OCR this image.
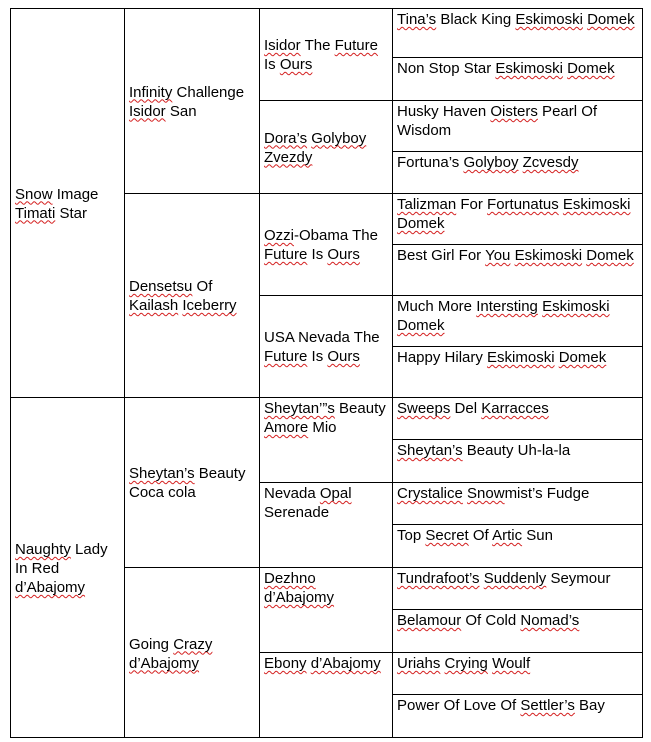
Snow Image Timati Star
Naughty Lady In Red d’Abajomy
Infinity Challenge Isidor San
Densetsu Of Kailash Iceberry
Sheytan’s Beauty Coca cola
Going Crazy d’Abajomy
Isidor The Future Is Ours
Dora’s Golyboy Zvezdy
Ozzi-Obama The Future Is Ours
USA Nevada The Future Is Ours
Sheytan’”s Beauty Amore Mio
Nevada Opal Serenade
Dezhno d’Abajomy
Ebony d’Abajomy
Tina’s Black King Eskimoski Domek
Non Stop Star Eskimoski Domek
Husky Haven Oisters Pearl Of Wisdom
Fortuna’s Golyboy Zcvesdy
Talizman For Fortunatus Eskimoski Domek
Best Girl For You Eskimoski Domek
Much More Intersting Eskimoski Domek
Happy Hilary Eskimoski Domek
Sweeps Del Karracces
Sheytan’s Beauty Uh-la-la
Crystalice Snowmist’s Fudge
Top Secret Of Artic Sun
Tundrafoot’s Suddenly Seymour
Belamour Of Cold Nomad’s
Uriahs Crying Woulf
Power Of Love Of Settler’s Bay
